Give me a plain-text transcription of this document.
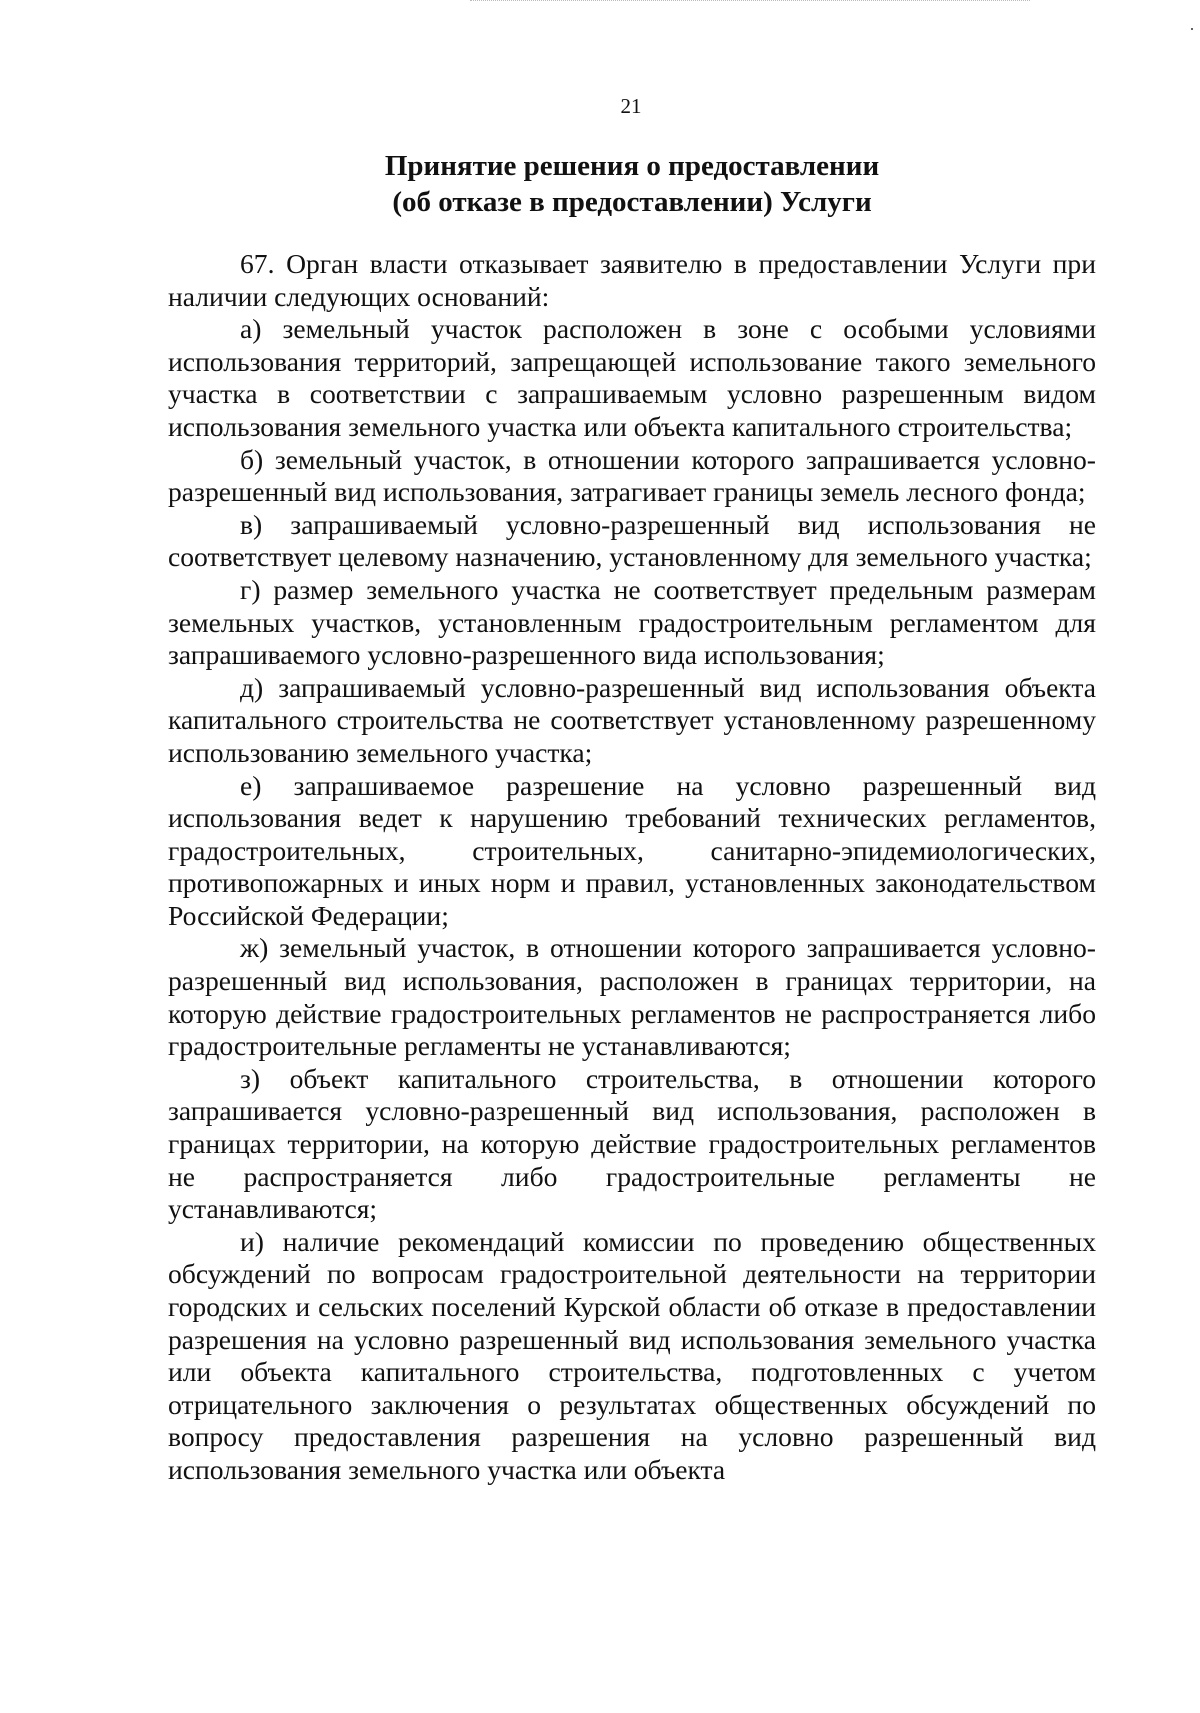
21
Принятие решения о предоставлении
(об отказе в предоставлении) Услуги

67. Орган власти отказывает заявителю в предоставлении Услуги при наличии следующих оснований:

а) земельный участок расположен в зоне с особыми условиями использования территорий, запрещающей использование такого земельного участка в соответствии с запрашиваемым условно разрешенным видом использования земельного участка или объекта капитального строительства;

б) земельный участок, в отношении которого запрашивается условно-разрешенный вид использования, затрагивает границы земель лесного фонда;

в) запрашиваемый условно-разрешенный вид использования не соответствует целевому назначению, установленному для земельного участка;

г) размер земельного участка не соответствует предельным размерам земельных участков, установленным градостроительным регламентом для запрашиваемого условно-разрешенного вида использования;

д) запрашиваемый условно-разрешенный вид использования объекта капитального строительства не соответствует установленному разрешенному использованию земельного участка;

е) запрашиваемое разрешение на условно разрешенный вид использования ведет к нарушению требований технических регламентов, градостроительных, строительных, санитарно-эпидемиологических, противопожарных и иных норм и правил, установленных законодательством Российской Федерации;

ж) земельный участок, в отношении которого запрашивается условно-разрешенный вид использования, расположен в границах территории, на которую действие градостроительных регламентов не распространяется либо градостроительные регламенты не устанавливаются;

з) объект капитального строительства, в отношении которого запрашивается условно-разрешенный вид использования, расположен в границах территории, на которую действие градостроительных регламентов не распространяется либо градостроительные регламенты не устанавливаются;

и) наличие рекомендаций комиссии по проведению общественных обсуждений по вопросам градостроительной деятельности на территории городских и сельских поселений Курской области об отказе в предоставлении разрешения на условно разрешенный вид использования земельного участка или объекта капитального строительства, подготовленных с учетом отрицательного заключения о результатах общественных обсуждений по вопросу предоставления разрешения на условно разрешенный вид использования земельного участка или объекта
